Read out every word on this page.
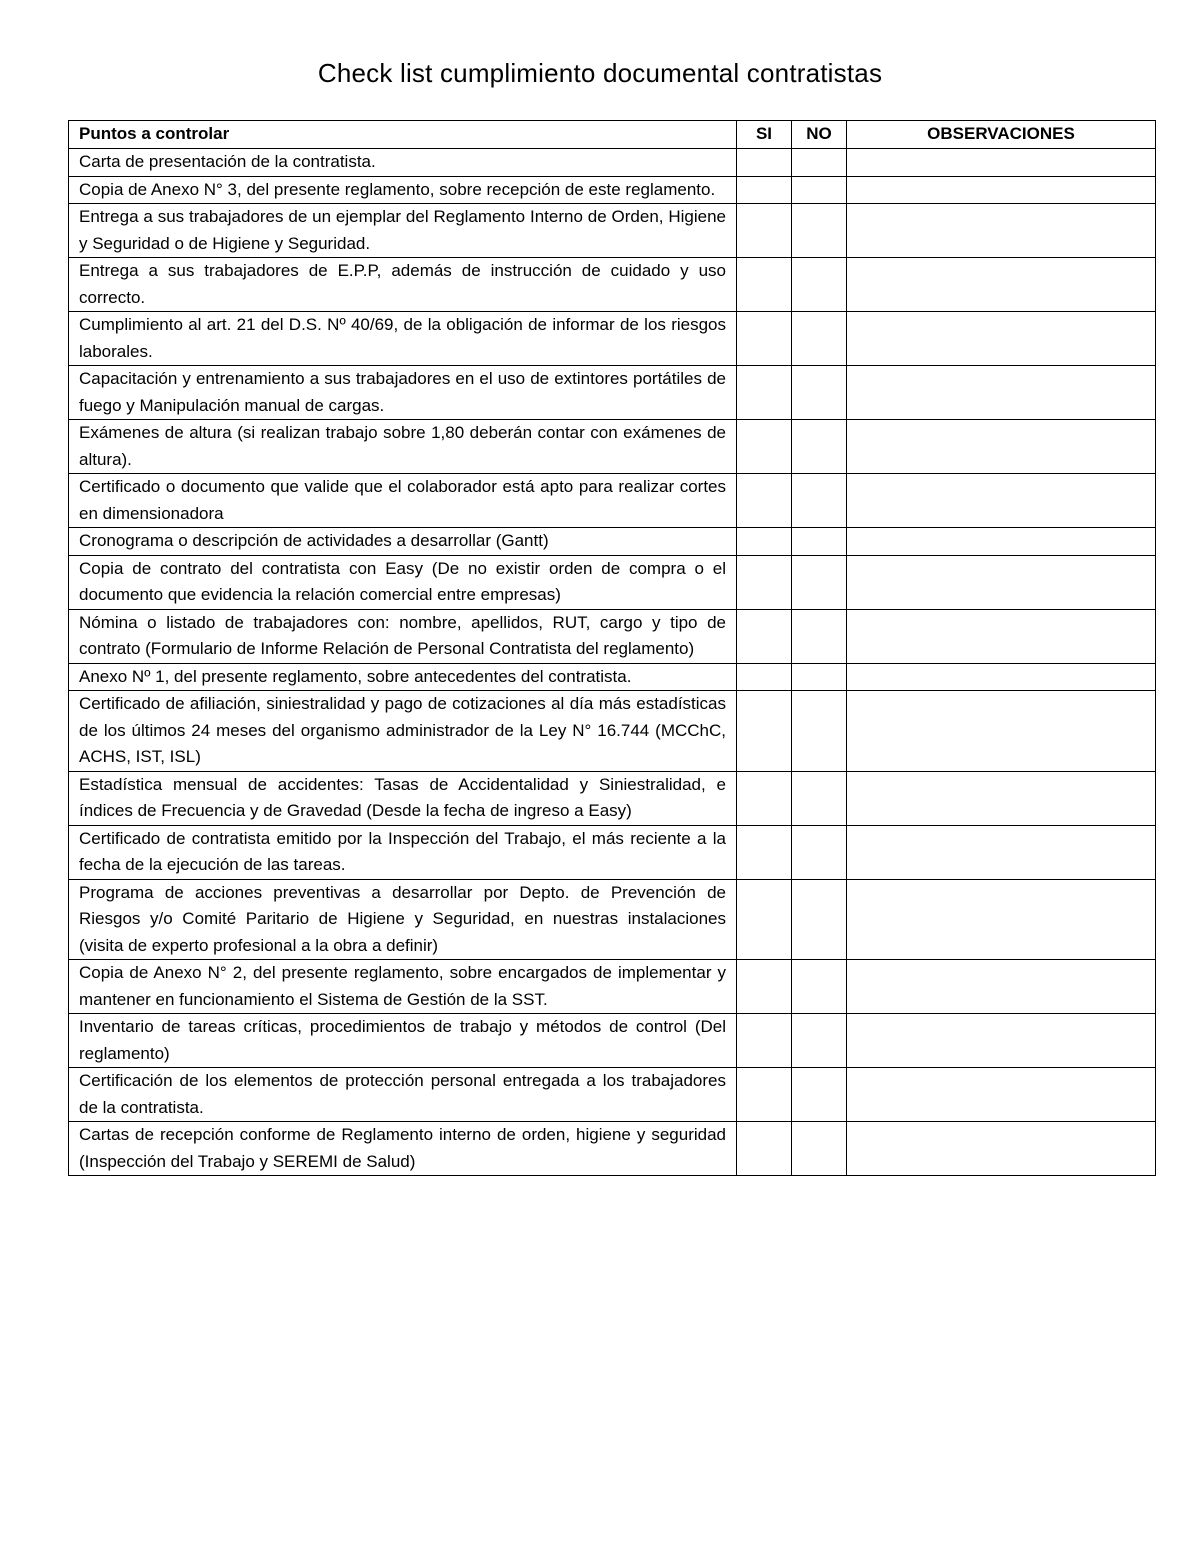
Check list cumplimiento documental contratistas
Puntos a controlar	SI	NO	OBSERVACIONES
Carta de presentación de la contratista.			
Copia de Anexo N° 3, del presente reglamento, sobre recepción de este reglamento.			
Entrega a sus trabajadores de un ejemplar del Reglamento Interno de Orden, Higiene y Seguridad o de Higiene y Seguridad.			
Entrega a sus trabajadores de E.P.P, además de instrucción de cuidado y uso correcto.			
Cumplimiento al art. 21 del D.S. Nº 40/69, de la obligación de informar de los riesgos laborales.			
Capacitación y entrenamiento a sus trabajadores en el uso de extintores portátiles de fuego y Manipulación manual de cargas.			
Exámenes de altura (si realizan trabajo sobre 1,80 deberán contar con exámenes de altura).			
Certificado o documento que valide que el colaborador está apto para realizar cortes en dimensionadora			
Cronograma o descripción de actividades a desarrollar (Gantt)			
Copia de contrato del contratista con Easy (De no existir orden de compra o el documento que evidencia la relación comercial entre empresas)			
Nómina o listado de trabajadores con: nombre, apellidos, RUT, cargo y tipo de contrato (Formulario de Informe Relación de Personal Contratista del reglamento)			
Anexo Nº 1, del presente reglamento, sobre antecedentes del contratista.			
Certificado de afiliación, siniestralidad y pago de cotizaciones al día más estadísticas de los últimos 24 meses del organismo administrador de la Ley N° 16.744 (MCChC, ACHS, IST, ISL)			
Estadística mensual de accidentes: Tasas de Accidentalidad y Siniestralidad, e índices de Frecuencia y de Gravedad (Desde la fecha de ingreso a Easy)			
Certificado de contratista emitido por la Inspección del Trabajo, el más reciente a la fecha de la ejecución de las tareas.			
Programa de acciones preventivas a desarrollar por Depto. de Prevención de Riesgos y/o Comité Paritario de Higiene y Seguridad, en nuestras instalaciones (visita de experto profesional a la obra a definir)			
Copia de Anexo N° 2, del presente reglamento, sobre encargados de implementar y mantener en funcionamiento el Sistema de Gestión de la SST.			
Inventario de tareas críticas, procedimientos de trabajo y métodos de control (Del reglamento)			
Certificación de los elementos de protección personal entregada a los trabajadores de la contratista.			
Cartas de recepción conforme de Reglamento interno de orden, higiene y seguridad (Inspección del Trabajo y SEREMI de Salud)			
